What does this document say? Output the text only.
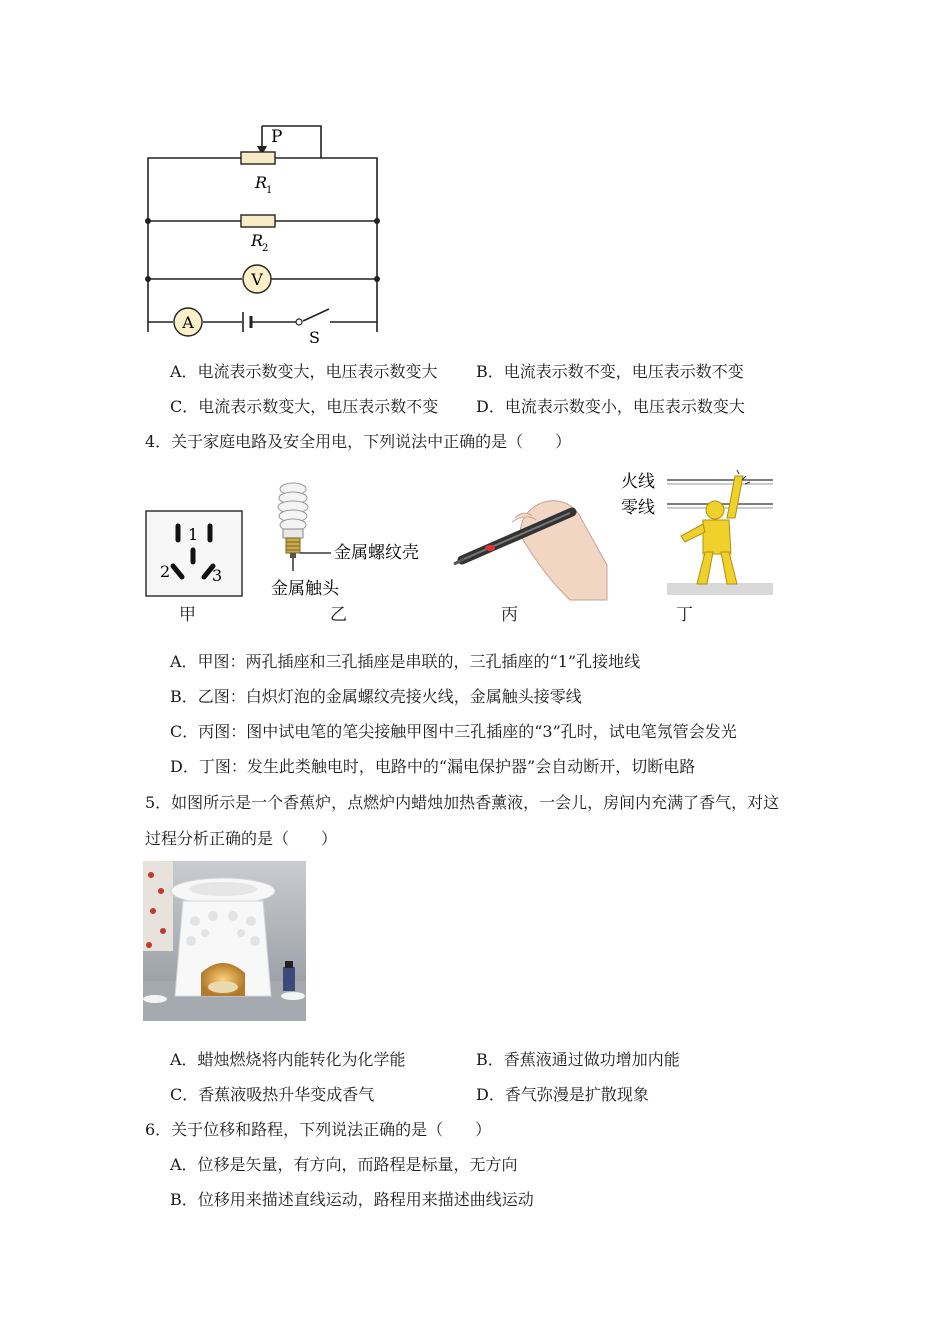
P
R
1
R
2
V
A
S
A．电流表示数变大，电压表示数变大 B．电流表示数不变，电压表示数不变
C．电流表示数变大，电压表示数不变 D．电流表示数变小，电压表示数变大
4．关于家庭电路及安全用电，下列说法中正确的是（　　）
1
2	3
金属螺纹壳
金属触头
火线
零线
甲	乙	丙	丁
A．甲图：两孔插座和三孔插座是串联的，三孔插座的“1”孔接地线
B．乙图：白炽灯泡的金属螺纹壳接火线，金属触头接零线
C．丙图：图中试电笔的笔尖接触甲图中三孔插座的“3”孔时，试电笔氖管会发光
D．丁图：发生此类触电时，电路中的“漏电保护器”会自动断开，切断电路
5．如图所示是一个香蕉炉，点燃炉内蜡烛加热香薰液，一会儿，房间内充满了香气，对这
过程分析正确的是（　　）
A．蜡烛燃烧将内能转化为化学能	B．香蕉液通过做功增加内能
C．香蕉液吸热升华变成香气	D．香气弥漫是扩散现象
6．关于位移和路程，下列说法正确的是（　　）
A．位移是矢量，有方向，而路程是标量，无方向
B．位移用来描述直线运动，路程用来描述曲线运动
